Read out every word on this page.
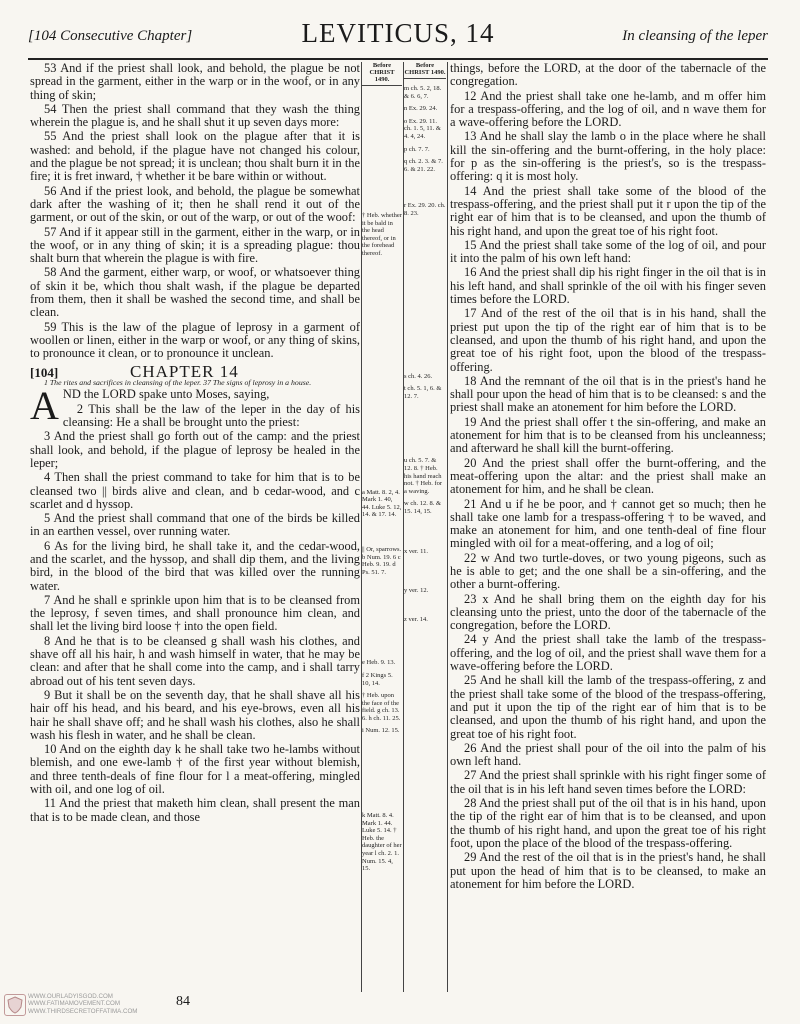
[104 Consecutive Chapter]	LEVITICUS, 14	In cleansing of the leper

53 And if the priest shall look, and behold, the plague be not spread in the garment, either in the warp or in the woof, or in any thing of skin;

54 Then the priest shall command that they wash the thing wherein the plague is, and he shall shut it up seven days more:

55 And the priest shall look on the plague after that it is washed: and behold, if the plague have not changed his colour, and the plague be not spread; it is unclean; thou shalt burn it in the fire; it is fret inward, † whether it be bare within or without.

56 And if the priest look, and behold, the plague be somewhat dark after the washing of it; then he shall rend it out of the garment, or out of the skin, or out of the warp, or out of the woof:

57 And if it appear still in the garment, either in the warp, or in the woof, or in any thing of skin; it is a spreading plague: thou shalt burn that wherein the plague is with fire.

58 And the garment, either warp, or woof, or whatsoever thing of skin it be, which thou shalt wash, if the plague be departed from them, then it shall be washed the second time, and shall be clean.

59 This is the law of the plague of leprosy in a garment of woollen or linen, either in the warp or woof, or any thing of skins, to pronounce it clean, or to pronounce it unclean.

[104]	CHAPTER 14

1 The rites and sacrifices in cleansing of the leper. 37 The signs of leprosy in a house.

AND the LORD spake unto Moses, saying,

2 This shall be the law of the leper in the day of his cleansing: He a shall be brought unto the priest:

3 And the priest shall go forth out of the camp: and the priest shall look, and behold, if the plague of leprosy be healed in the leper;

4 Then shall the priest command to take for him that is to be cleansed two || birds alive and clean, and b cedar-wood, and c scarlet and d hyssop.

5 And the priest shall command that one of the birds be killed in an earthen vessel, over running water.

6 As for the living bird, he shall take it, and the cedar-wood, and the scarlet, and the hyssop, and shall dip them, and the living bird, in the blood of the bird that was killed over the running water.

7 And he shall e sprinkle upon him that is to be cleansed from the leprosy, f seven times, and shall pronounce him clean, and shall let the living bird loose † into the open field.

8 And he that is to be cleansed g shall wash his clothes, and shave off all his hair, h and wash himself in water, that he may be clean: and after that he shall come into the camp, and i shall tarry abroad out of his tent seven days.

9 But it shall be on the seventh day, that he shall shave all his hair off his head, and his beard, and his eye-brows, even all his hair he shall shave off; and he shall wash his clothes, also he shall wash his flesh in water, and he shall be clean.

10 And on the eighth day k he shall take two he-lambs without blemish, and one ewe-lamb † of the first year without blemish, and three tenth-deals of fine flour for l a meat-offering, mingled with oil, and one log of oil.

11 And the priest that maketh him clean, shall present the man that is to be made clean, and those

Before CHRIST 1490.
† Heb. whether it be bald in the head thereof, or in the forehead thereof.
a Matt. 8. 2, 4. Mark 1. 40, 44. Luke 5. 12, 14. & 17. 14.
|| Or, sparrows. b Num. 19. 6 c Heb. 9. 19. d Ps. 51. 7.
e Heb. 9. 13.
f 2 Kings 5. 10, 14.
† Heb. upon the face of the field. g ch. 13. 6. h ch. 11. 25.
i Num. 12. 15.
k Matt. 8. 4. Mark 1. 44. Luke 5. 14. † Heb. the daughter of her year l ch. 2. 1. Num. 15. 4, 15.
Before CHRIST 1490.
m ch. 5. 2, 18. & 6. 6, 7.
n Ex. 29. 24.
o Ex. 29. 11. ch. 1. 5, 11. & 4. 4, 24.
p ch. 7. 7.
q ch. 2. 3. & 7. 6. & 21. 22.
r Ex. 29. 20. ch. 8. 23.
s ch. 4. 26.
t ch. 5. 1, 6. & 12. 7.
u ch. 5. 7. & 12. 8. † Heb. his hand reach not. † Heb. for a waving.
w ch. 12. 8. & 15. 14, 15.
x ver. 11.
y ver. 12.
z ver. 14.

things, before the LORD, at the door of the tabernacle of the congregation.

12 And the priest shall take one he-lamb, and m offer him for a trespass-offering, and the log of oil, and n wave them for a wave-offering before the LORD.

13 And he shall slay the lamb o in the place where he shall kill the sin-offering and the burnt-offering, in the holy place: for p as the sin-offering is the priest's, so is the trespass-offering: q it is most holy.

14 And the priest shall take some of the blood of the trespass-offering, and the priest shall put it r upon the tip of the right ear of him that is to be cleansed, and upon the thumb of his right hand, and upon the great toe of his right foot.

15 And the priest shall take some of the log of oil, and pour it into the palm of his own left hand:

16 And the priest shall dip his right finger in the oil that is in his left hand, and shall sprinkle of the oil with his finger seven times before the LORD.

17 And of the rest of the oil that is in his hand, shall the priest put upon the tip of the right ear of him that is to be cleansed, and upon the thumb of his right hand, and upon the great toe of his right foot, upon the blood of the trespass-offering.

18 And the remnant of the oil that is in the priest's hand he shall pour upon the head of him that is to be cleansed: s and the priest shall make an atonement for him before the LORD.

19 And the priest shall offer t the sin-offering, and make an atonement for him that is to be cleansed from his uncleanness; and afterward he shall kill the burnt-offering.

20 And the priest shall offer the burnt-offering, and the meat-offering upon the altar: and the priest shall make an atonement for him, and he shall be clean.

21 And u if he be poor, and † cannot get so much; then he shall take one lamb for a trespass-offering † to be waved, and make an atonement for him, and one tenth-deal of fine flour mingled with oil for a meat-offering, and a log of oil;

22 w And two turtle-doves, or two young pigeons, such as he is able to get; and the one shall be a sin-offering, and the other a burnt-offering.

23 x And he shall bring them on the eighth day for his cleansing unto the priest, unto the door of the tabernacle of the congregation, before the LORD.

24 y And the priest shall take the lamb of the trespass-offering, and the log of oil, and the priest shall wave them for a wave-offering before the LORD.

25 And he shall kill the lamb of the trespass-offering, z and the priest shall take some of the blood of the trespass-offering, and put it upon the tip of the right ear of him that is to be cleansed, and upon the thumb of his right hand, and upon the great toe of his right foot.

26 And the priest shall pour of the oil into the palm of his own left hand.

27 And the priest shall sprinkle with his right finger some of the oil that is in his left hand seven times before the LORD:

28 And the priest shall put of the oil that is in his hand, upon the tip of the right ear of him that is to be cleansed, and upon the thumb of his right hand, and upon the great toe of his right foot, upon the place of the blood of the trespass-offering.

29 And the rest of the oil that is in the priest's hand, he shall put upon the head of him that is to be cleansed, to make an atonement for him before the LORD.

WWW.OURLADYISGOD.COM
WWW.FATIMAMOVEMENT.COM
WWW.THIRDSECRETOFFATIMA.COM
84
